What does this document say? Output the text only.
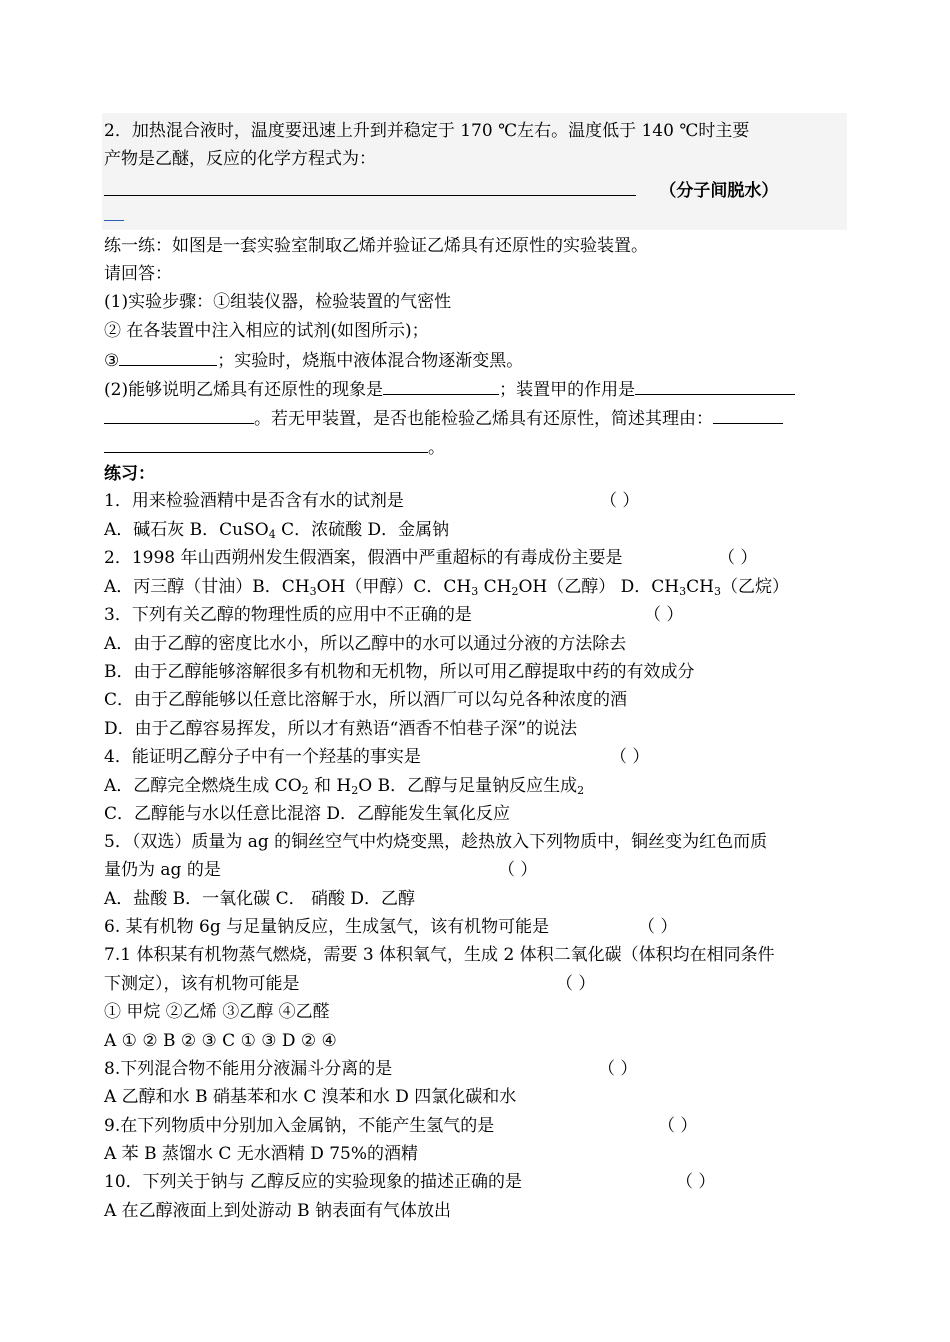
2．加热混合液时，温度要迅速上升到并稳定于 170 ℃左右。温度低于 140 ℃时主要
产物是乙醚，反应的化学方程式为：
（分子间脱水）
练一练：如图是一套实验室制取乙烯并验证乙烯具有还原性的实验装置。
请回答：
(1)实验步骤：①组装仪器，检验装置的气密性
② 在各装置中注入相应的试剂(如图所示)；
③	；实验时，烧瓶中液体混合物逐渐变黑。
(2)能够说明乙烯具有还原性的现象是	；装置甲的作用是
。若无甲装置，是否也能检验乙烯具有还原性，简述其理由：
。
练习：
1．用来检验酒精中是否含有水的试剂是	（ ）
A．碱石灰 B．CuSO$_4$ C．浓硫酸 D．金属钠
2．1998 年山西朔州发生假酒案，假酒中严重超标的有毒成份主要是	（ ）
A．丙三醇（甘油）B．$CH_3OH$（甲醇）C．$CH_3$ $CH_2OH$（乙醇） D．$CH_3CH_3$（乙烷）
3．下列有关乙醇的物理性质的应用中不正确的是	（ ）
A．由于乙醇的密度比水小，所以乙醇中的水可以通过分液的方法除去
B．由于乙醇能够溶解很多有机物和无机物，所以可用乙醇提取中药的有效成分
C．由于乙醇能够以任意比溶解于水，所以酒厂可以勾兑各种浓度的酒
D．由于乙醇容易挥发，所以才有熟语“酒香不怕巷子深”的说法
4．能证明乙醇分子中有一个羟基的事实是	（ ）
A．乙醇完全燃烧生成 $CO_2$ 和 $H_2O$ B．乙醇与足量钠反应生成$_2$
C．乙醇能与水以任意比混溶 D．乙醇能发生氧化反应
5．（双选）质量为 ag 的铜丝空气中灼烧变黑，趁热放入下列物质中，铜丝变为红色而质
量仍为 ag 的是	（ ）
A．盐酸 B．一氧化碳 C． 硝酸 D．乙醇
6. 某有机物 6g 与足量钠反应，生成氢气，该有机物可能是	（ ）
7.1 体积某有机物蒸气燃烧，需要 3 体积氧气，生成 2 体积二氧化碳（体积均在相同条件
下测定），该有机物可能是	（ ）
① 甲烷 ②乙烯 ③乙醇 ④乙醛
A ① ② B ② ③ C ① ③ D ② ④
8.下列混合物不能用分液漏斗分离的是	（ ）
A 乙醇和水 B 硝基苯和水 C 溴苯和水 D 四氯化碳和水
9.在下列物质中分别加入金属钠，不能产生氢气的是	（ ）
A 苯 B 蒸馏水 C 无水酒精 D 75%的酒精
10．下列关于钠与 乙醇反应的实验现象的描述正确的是	（ ）
A 在乙醇液面上到处游动 B 钠表面有气体放出
